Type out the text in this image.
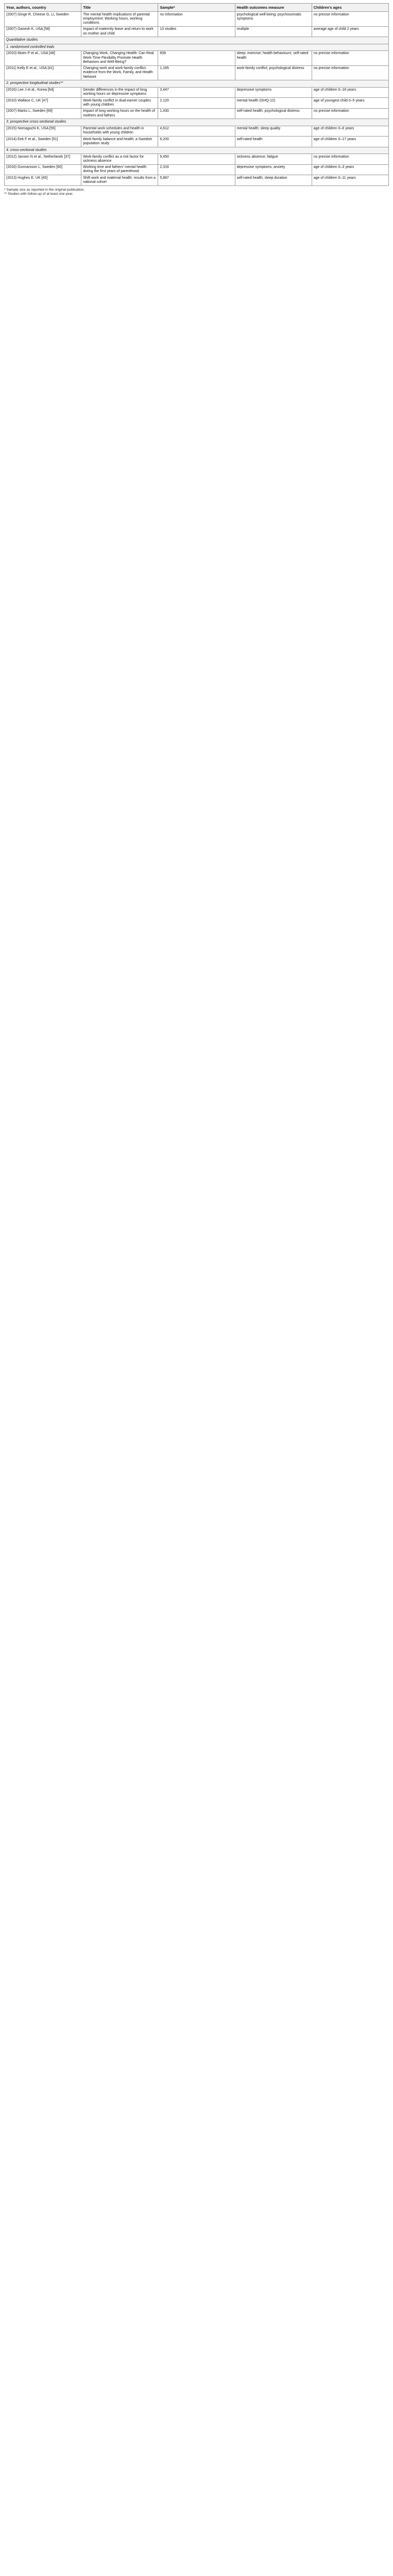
Year, authors, country	Title	Sample*	Health outcomes measure	Children's ages
(2007) Ginge R, Cheese G, Li, Sweden	The mental health implications of parental employment: Working hours, working conditions	no information	psychological well-being; psychosomatic symptoms	no precise information
(2007) Ganesh K, USA [58]	Impact of maternity leave and return to work on mother and child	13 studies	multiple	average age of child 2 years
Quantitative studies				
1. randomised controlled trials				
(2010) Moen P et al., USA [48]	Changing Work, Changing Health: Can Real Work-Time Flexibility Promote Health Behaviors and Well-Being?	608	sleep; exercise; health behaviours; self-rated health	no precise information
(2011) Kelly E et al., USA [41]	Changing work and work-family conflict: evidence from the Work, Family, and Health Network	1,165	work-family conflict; psychological distress	no precise information
2. prospective longitudinal studies**				
(2016) Lee J et al., Korea [64]	Gender differences in the impact of long working hours on depressive symptoms	3,447	depressive symptoms	age of children 0–18 years
(2010) Wallace C, UK [47]	Work-family conflict in dual-earner couples with young children	2,120	mental health (GHQ-12)	age of youngest child 0–5 years
(2007) Marks L, Sweden [69]	Impact of long working hours on the health of mothers and fathers	1,430	self-rated health; psychological distress	no precise information
3. prospective cross-sectional studies				
(2015) Nomaguchi K, USA [55]	Parental work schedules and health in households with young children	4,612	mental health; sleep quality	age of children 0–6 years
(2014) Eek F et al., Sweden [51]	Work-family balance and health: a Swedish population study	6,200	self-rated health	age of children 0–17 years
4. cross-sectional studies				
(2012) Jansen N et al., Netherlands [37]	Work-family conflict as a risk factor for sickness absence	9,450	sickness absence; fatigue	no precise information
(2016) Gunnarsson L, Sweden [60]	Working time and fathers' mental health during the first years of parenthood	2,316	depressive symptoms; anxiety	age of children 0–3 years
(2013) Hughes E, UK [45]	Shift work and maternal health: results from a national cohort	5,887	self-rated health; sleep duration	age of children 0–11 years

* Sample size as reported in the original publication.

** Studies with follow-up of at least one year.
